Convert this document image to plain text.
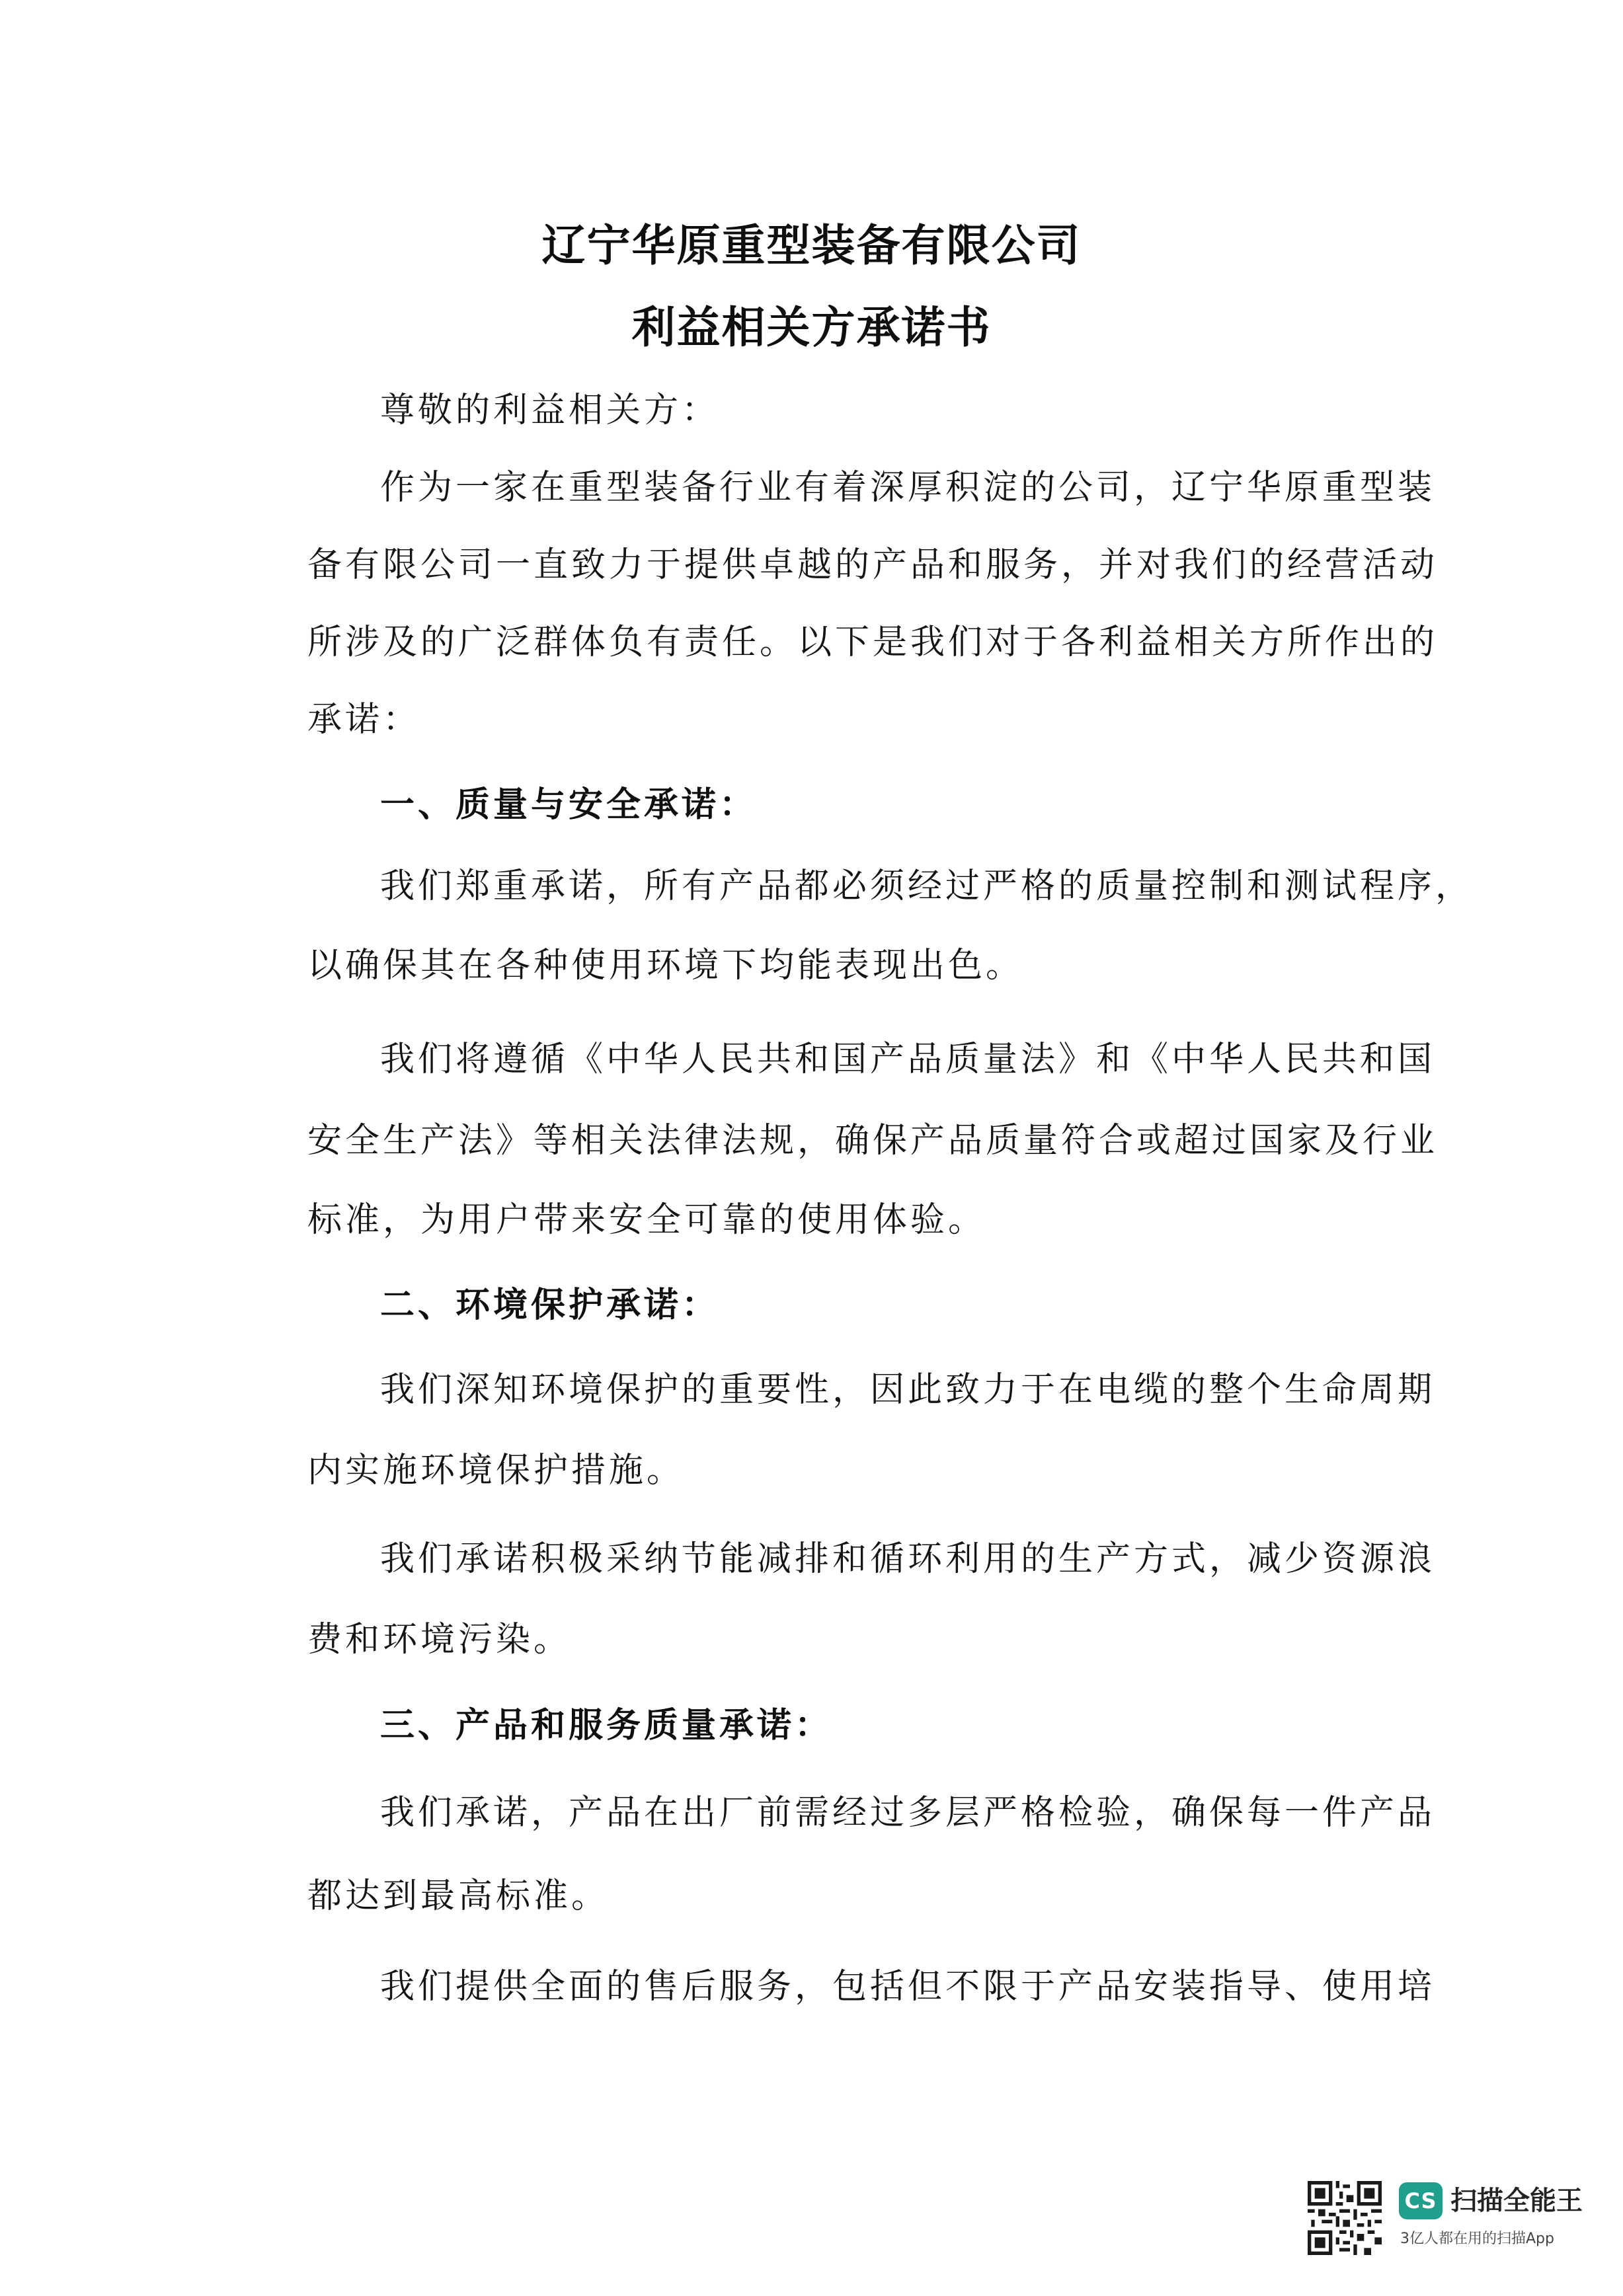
辽宁华原重型装备有限公司
利益相关方承诺书
尊敬的利益相关方：
作为一家在重型装备行业有着深厚积淀的公司，辽宁华原重型装
备有限公司一直致力于提供卓越的产品和服务，并对我们的经营活动
所涉及的广泛群体负有责任。以下是我们对于各利益相关方所作出的
承诺：
一、质量与安全承诺：
我们郑重承诺，所有产品都必须经过严格的质量控制和测试程序，
以确保其在各种使用环境下均能表现出色。
我们将遵循《中华人民共和国产品质量法》和《中华人民共和国
安全生产法》等相关法律法规，确保产品质量符合或超过国家及行业
标准，为用户带来安全可靠的使用体验。
二、环境保护承诺：
我们深知环境保护的重要性，因此致力于在电缆的整个生命周期
内实施环境保护措施。
我们承诺积极采纳节能减排和循环利用的生产方式，减少资源浪
费和环境污染。
三、产品和服务质量承诺：
我们承诺，产品在出厂前需经过多层严格检验，确保每一件产品
都达到最高标准。
我们提供全面的售后服务，包括但不限于产品安装指导、使用培
CS 扫描全能王
3亿人都在用的扫描App
